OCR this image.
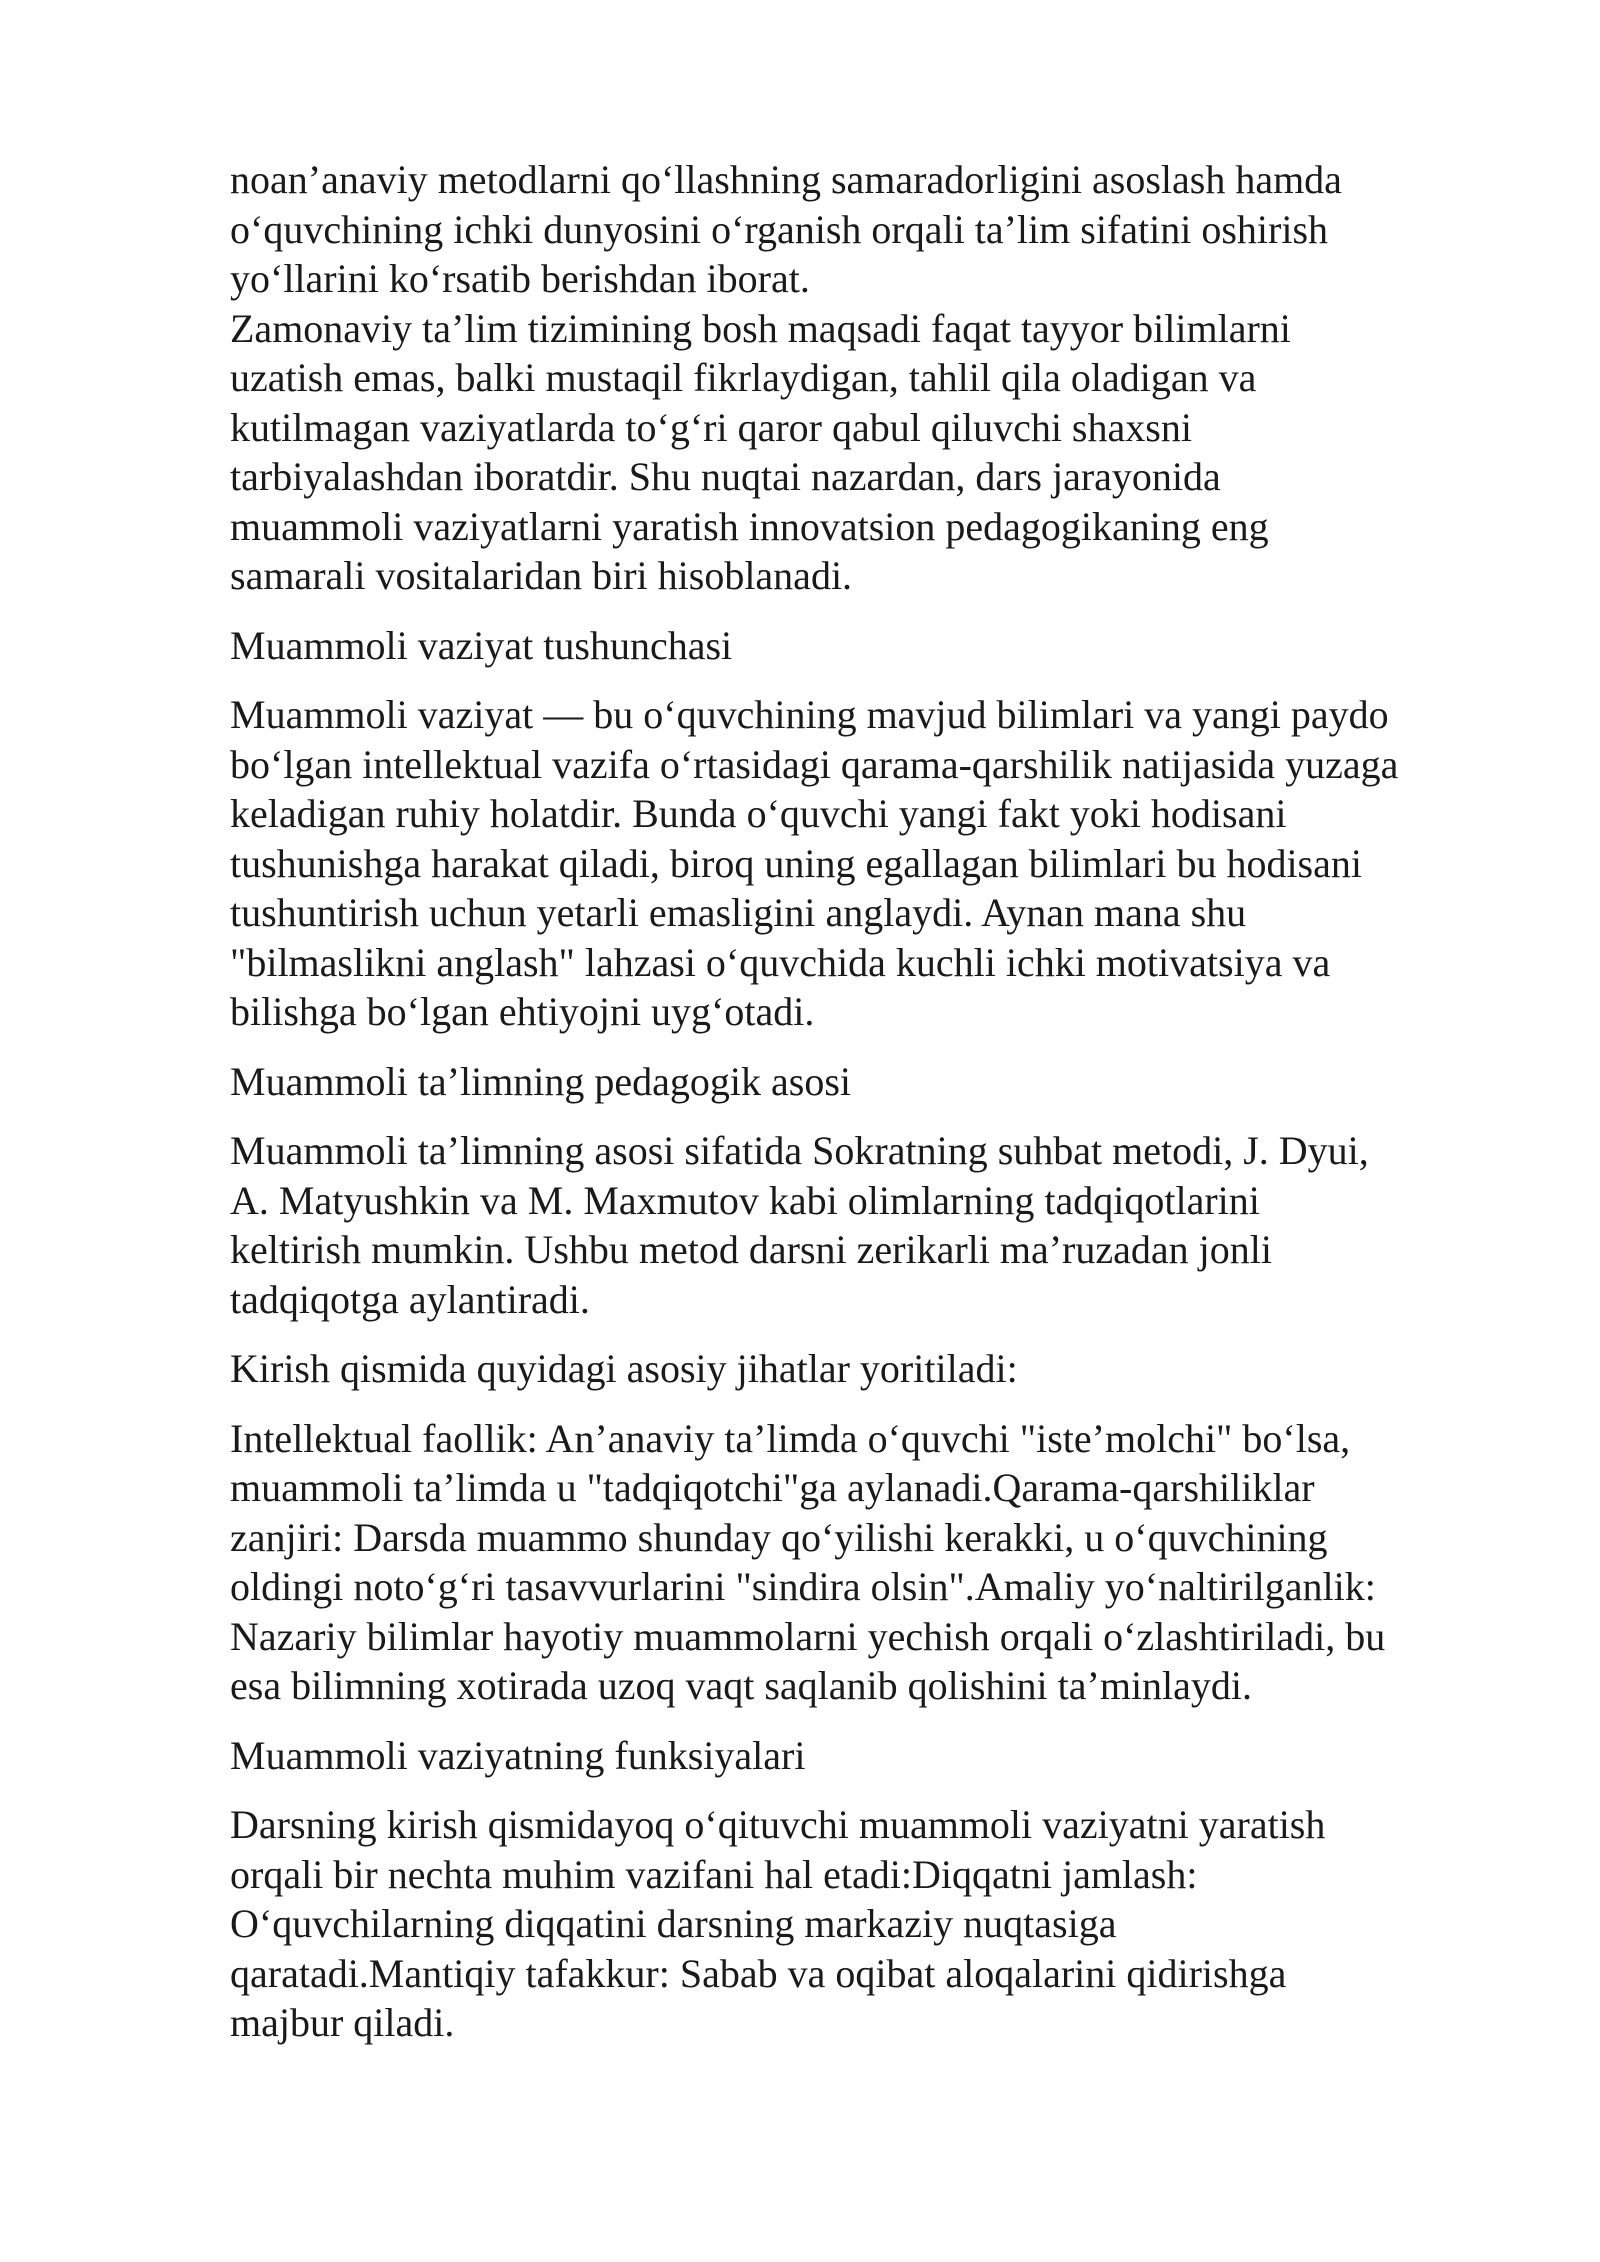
noan’anaviy metodlarni qo‘llashning samaradorligini asoslash hamda
o‘quvchining ichki dunyosini o‘rganish orqali ta’lim sifatini oshirish
yo‘llarini ko‘rsatib berishdan iborat.
Zamonaviy ta’lim tizimining bosh maqsadi faqat tayyor bilimlarni
uzatish emas, balki mustaqil fikrlaydigan, tahlil qila oladigan va
kutilmagan vaziyatlarda to‘g‘ri qaror qabul qiluvchi shaxsni
tarbiyalashdan iboratdir. Shu nuqtai nazardan, dars jarayonida
muammoli vaziyatlarni yaratish innovatsion pedagogikaning eng
samarali vositalaridan biri hisoblanadi.
Muammoli vaziyat tushunchasi
Muammoli vaziyat — bu o‘quvchining mavjud bilimlari va yangi paydo
bo‘lgan intellektual vazifa o‘rtasidagi qarama-qarshilik natijasida yuzaga
keladigan ruhiy holatdir. Bunda o‘quvchi yangi fakt yoki hodisani
tushunishga harakat qiladi, biroq uning egallagan bilimlari bu hodisani
tushuntirish uchun yetarli emasligini anglaydi. Aynan mana shu
"bilmaslikni anglash" lahzasi o‘quvchida kuchli ichki motivatsiya va
bilishga bo‘lgan ehtiyojni uyg‘otadi.
Muammoli ta’limning pedagogik asosi
Muammoli ta’limning asosi sifatida Sokratning suhbat metodi, J. Dyui,
A. Matyushkin va M. Maxmutov kabi olimlarning tadqiqotlarini
keltirish mumkin. Ushbu metod darsni zerikarli ma’ruzadan jonli
tadqiqotga aylantiradi.
Kirish qismida quyidagi asosiy jihatlar yoritiladi:
Intellektual faollik: An’anaviy ta’limda o‘quvchi "iste’molchi" bo‘lsa,
muammoli ta’limda u "tadqiqotchi"ga aylanadi.Qarama-qarshiliklar
zanjiri: Darsda muammo shunday qo‘yilishi kerakki, u o‘quvchining
oldingi noto‘g‘ri tasavvurlarini "sindira olsin".Amaliy yo‘naltirilganlik:
Nazariy bilimlar hayotiy muammolarni yechish orqali o‘zlashtiriladi, bu
esa bilimning xotirada uzoq vaqt saqlanib qolishini ta’minlaydi.
Muammoli vaziyatning funksiyalari
Darsning kirish qismidayoq o‘qituvchi muammoli vaziyatni yaratish
orqali bir nechta muhim vazifani hal etadi:Diqqatni jamlash:
O‘quvchilarning diqqatini darsning markaziy nuqtasiga
qaratadi.Mantiqiy tafakkur: Sabab va oqibat aloqalarini qidirishga
majbur qiladi.
